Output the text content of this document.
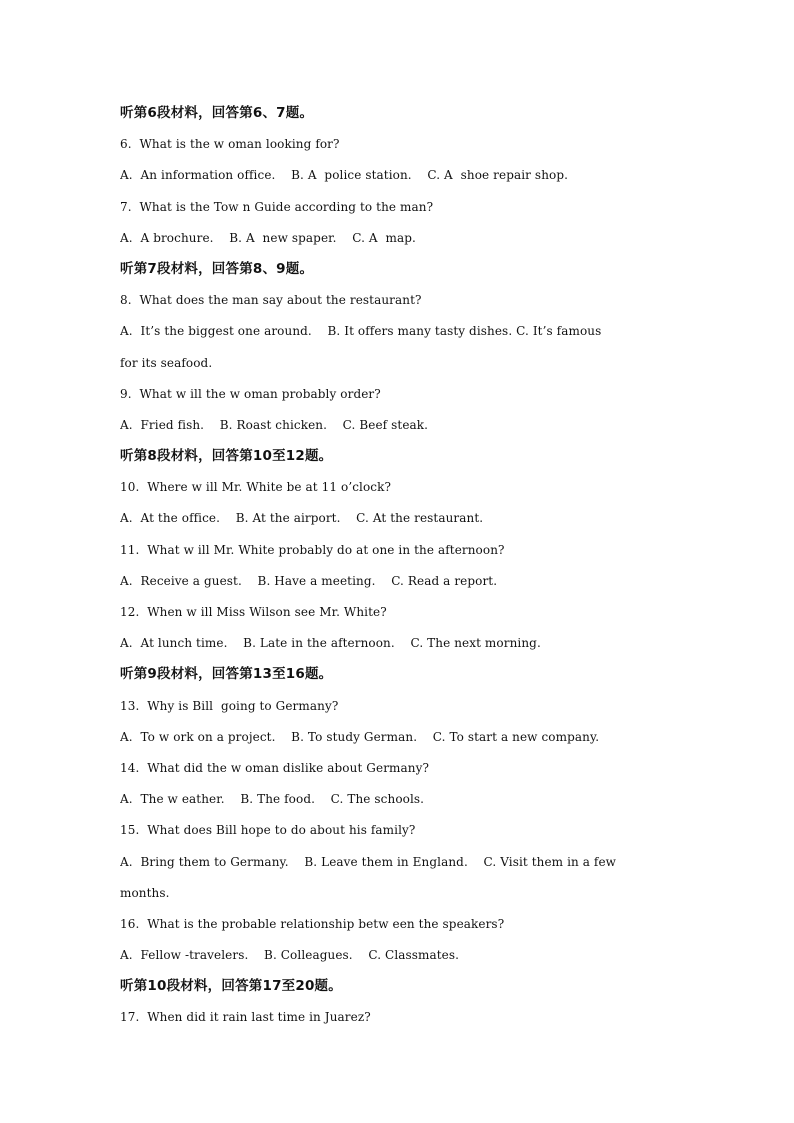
听第6段材料，回答第6、7题。
6.  What is the w oman looking for?
A.  An information office.    B. A  police station.    C. A  shoe repair shop.
7.  What is the Tow n Guide according to the man?
A.  A brochure.    B. A  new spaper.    C. A  map.
听第7段材料，回答第8、9题。
8.  What does the man say about the restaurant?
A.  It’s the biggest one around.    B. It offers many tasty dishes. C. It’s famous
for its seafood.
9.  What w ill the w oman probably order?
A.  Fried fish.    B. Roast chicken.    C. Beef steak.
听第8段材料，回答第10至12题。
10.  Where w ill Mr. White be at 11 o’clock?
A.  At the office.    B. At the airport.    C. At the restaurant.
11.  What w ill Mr. White probably do at one in the afternoon?
A.  Receive a guest.    B. Have a meeting.    C. Read a report.
12.  When w ill Miss Wilson see Mr. White?
A.  At lunch time.    B. Late in the afternoon.    C. The next morning.
听第9段材料，回答第13至16题。
13.  Why is Bill  going to Germany?
A.  To w ork on a project.    B. To study German.    C. To start a new company.
14.  What did the w oman dislike about Germany?
A.  The w eather.    B. The food.    C. The schools.
15.  What does Bill hope to do about his family?
A.  Bring them to Germany.    B. Leave them in England.    C. Visit them in a few
months.
16.  What is the probable relationship betw een the speakers?
A.  Fellow -travelers.    B. Colleagues.    C. Classmates.
听第10段材料，回答第17至20题。
17.  When did it rain last time in Juarez?
